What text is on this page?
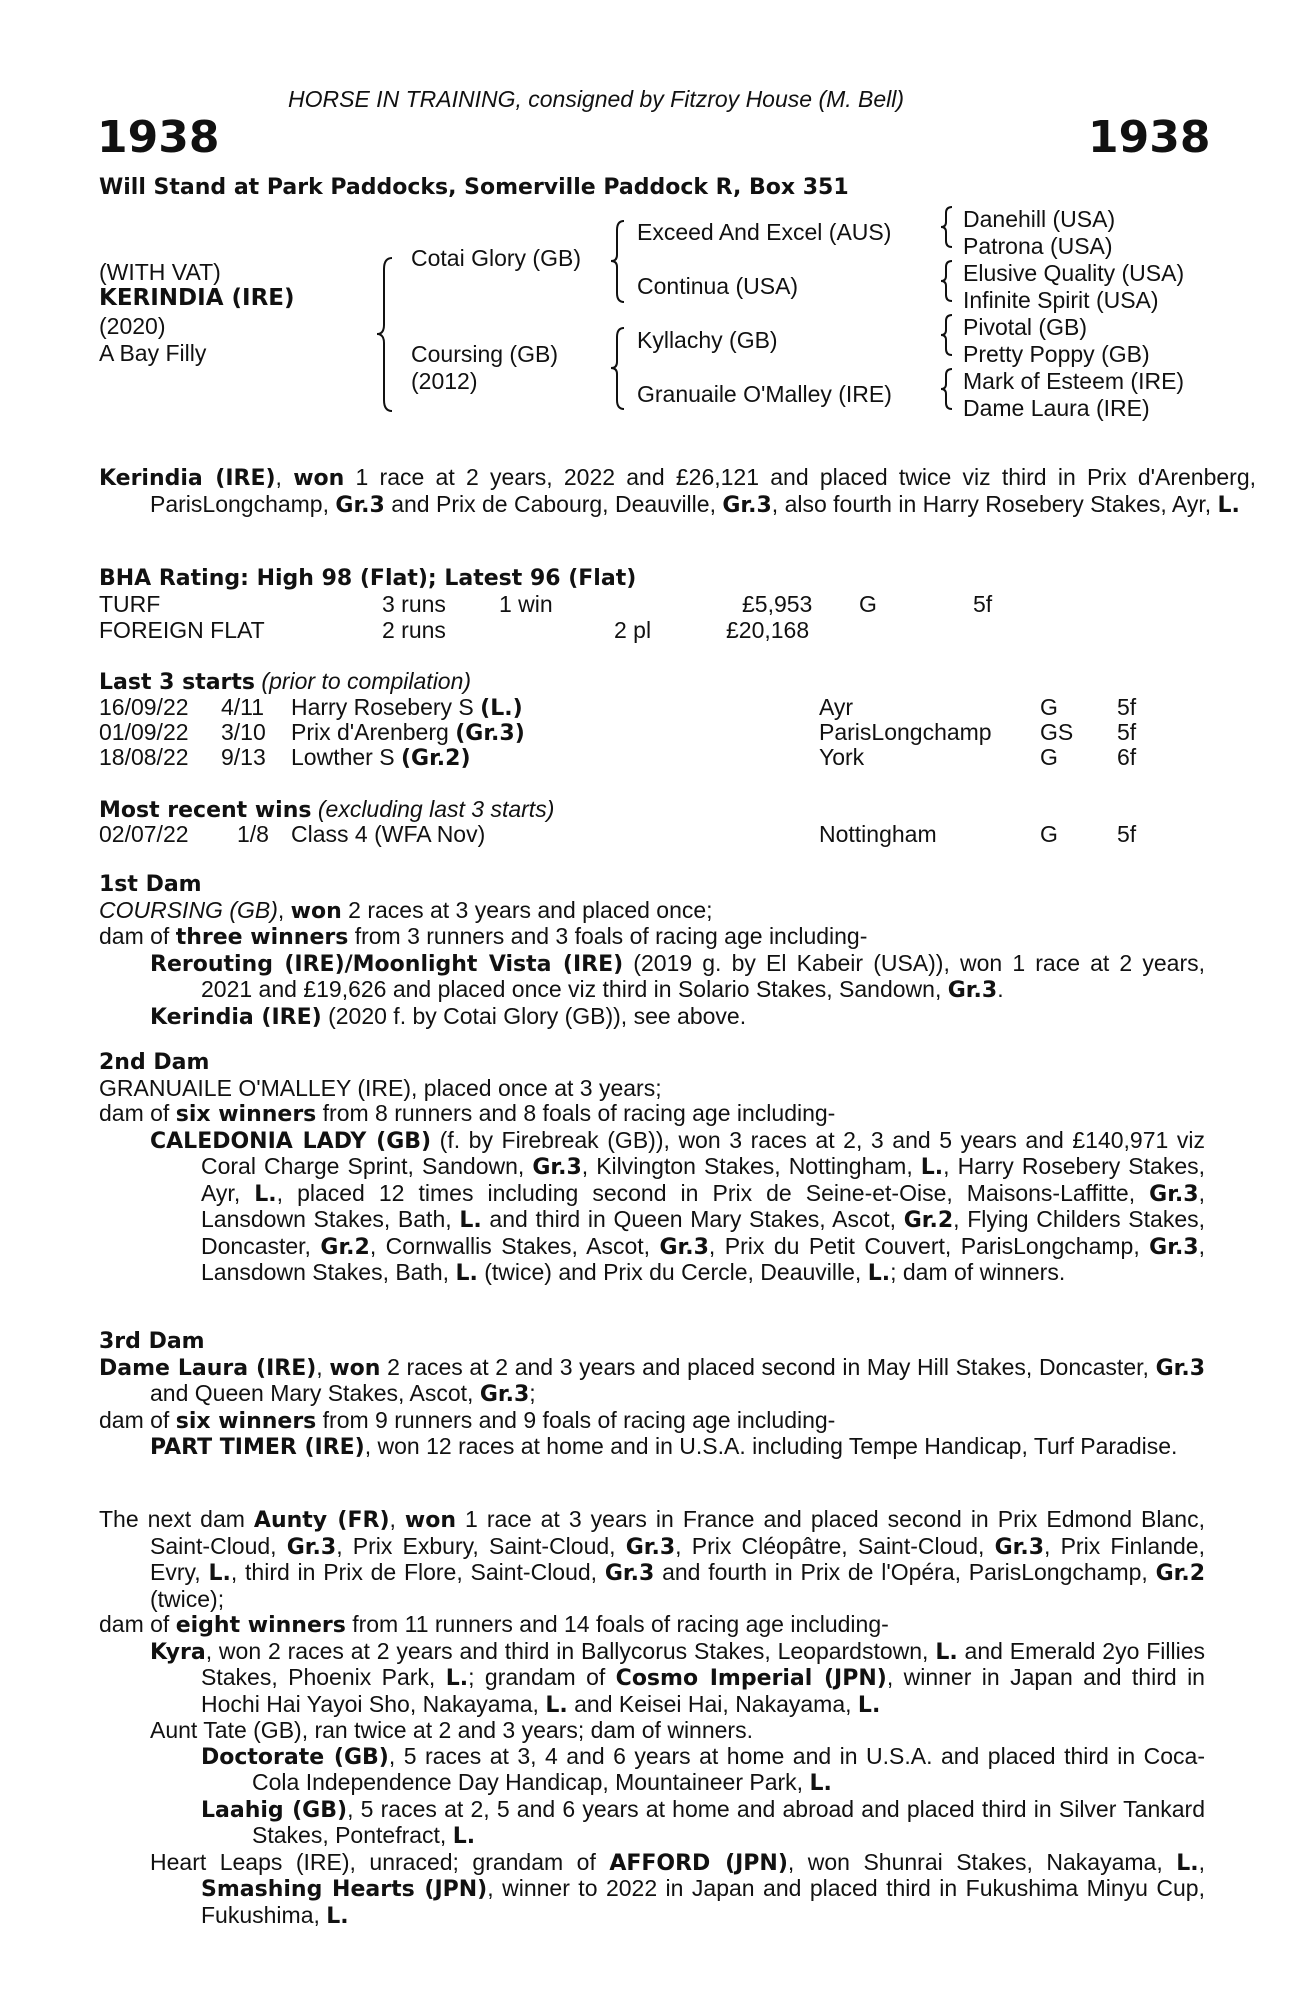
HORSE IN TRAINING, consigned by Fitzroy House (M. Bell)
1938	1938
Will Stand at Park Paddocks, Somerville Paddock R, Box 351
(WITH VAT)
KERINDIA (IRE)
(2020)
A Bay Filly
Cotai Glory (GB)
Coursing (GB)
(2012)
Exceed And Excel (AUS)
Continua (USA)
Kyllachy (GB)
Granuaile O'Malley (IRE)
Danehill (USA)
Patrona (USA)
Elusive Quality (USA)
Infinite Spirit (USA)
Pivotal (GB)
Pretty Poppy (GB)
Mark of Esteem (IRE)
Dame Laura (IRE)
Kerindia (IRE), won 1 race at 2 years, 2022 and £26,121 and placed twice viz third in Prix d'Arenberg, ParisLongchamp, Gr.3 and Prix de Cabourg, Deauville, Gr.3, also fourth in Harry Rosebery Stakes, Ayr, L.
BHA Rating: High 98 (Flat); Latest 96 (Flat)
TURF	3 runs 1 win	£5,953 G	5f
FOREIGN FLAT	2 runs	2 pl	£20,168
Last 3 starts (prior to compilation)
16/09/22 4/11 Harry Rosebery S (L.)	Ayr	G	5f
01/09/22 3/10 Prix d'Arenberg (Gr.3)	ParisLongchamp GS 5f
18/08/22 9/13 Lowther S (Gr.2)	York	G	6f
Most recent wins (excluding last 3 starts)
02/07/22 1/8 Class 4 (WFA Nov)	Nottingham	G	5f

1st Dam

COURSING (GB), won 2 races at 3 years and placed once;

dam of three winners from 3 runners and 3 foals of racing age including-

Rerouting (IRE)/Moonlight Vista (IRE) (2019 g. by El Kabeir (USA)), won 1 race at 2 years, 2021 and £19,626 and placed once viz third in Solario Stakes, Sandown, Gr.3.

Kerindia (IRE) (2020 f. by Cotai Glory (GB)), see above.

2nd Dam

GRANUAILE O'MALLEY (IRE), placed once at 3 years;

dam of six winners from 8 runners and 8 foals of racing age including-

CALEDONIA LADY (GB) (f. by Firebreak (GB)), won 3 races at 2, 3 and 5 years and £140,971 viz Coral Charge Sprint, Sandown, Gr.3, Kilvington Stakes, Nottingham, L., Harry Rosebery Stakes, Ayr, L., placed 12 times including second in Prix de Seine-et-Oise, Maisons-Laffitte, Gr.3, Lansdown Stakes, Bath, L. and third in Queen Mary Stakes, Ascot, Gr.2, Flying Childers Stakes, Doncaster, Gr.2, Cornwallis Stakes, Ascot, Gr.3, Prix du Petit Couvert, ParisLongchamp, Gr.3, Lansdown Stakes, Bath, L. (twice) and Prix du Cercle, Deauville, L.; dam of winners.

3rd Dam

Dame Laura (IRE), won 2 races at 2 and 3 years and placed second in May Hill Stakes, Doncaster, Gr.3 and Queen Mary Stakes, Ascot, Gr.3;

dam of six winners from 9 runners and 9 foals of racing age including-

PART TIMER (IRE), won 12 races at home and in U.S.A. including Tempe Handicap, Turf Paradise.

The next dam Aunty (FR), won 1 race at 3 years in France and placed second in Prix Edmond Blanc, Saint-Cloud, Gr.3, Prix Exbury, Saint-Cloud, Gr.3, Prix Cléopâtre, Saint-Cloud, Gr.3, Prix Finlande, Evry, L., third in Prix de Flore, Saint-Cloud, Gr.3 and fourth in Prix de l'Opéra, ParisLongchamp, Gr.2 (twice);

dam of eight winners from 11 runners and 14 foals of racing age including-

Kyra, won 2 races at 2 years and third in Ballycorus Stakes, Leopardstown, L. and Emerald 2yo Fillies Stakes, Phoenix Park, L.; grandam of Cosmo Imperial (JPN), winner in Japan and third in Hochi Hai Yayoi Sho, Nakayama, L. and Keisei Hai, Nakayama, L.

Aunt Tate (GB), ran twice at 2 and 3 years; dam of winners.

Doctorate (GB), 5 races at 3, 4 and 6 years at home and in U.S.A. and placed third in Coca-Cola Independence Day Handicap, Mountaineer Park, L.

Laahig (GB), 5 races at 2, 5 and 6 years at home and abroad and placed third in Silver Tankard Stakes, Pontefract, L.

Heart Leaps (IRE), unraced; grandam of AFFORD (JPN), won Shunrai Stakes, Nakayama, L., Smashing Hearts (JPN), winner to 2022 in Japan and placed third in Fukushima Minyu Cup, Fukushima, L.
